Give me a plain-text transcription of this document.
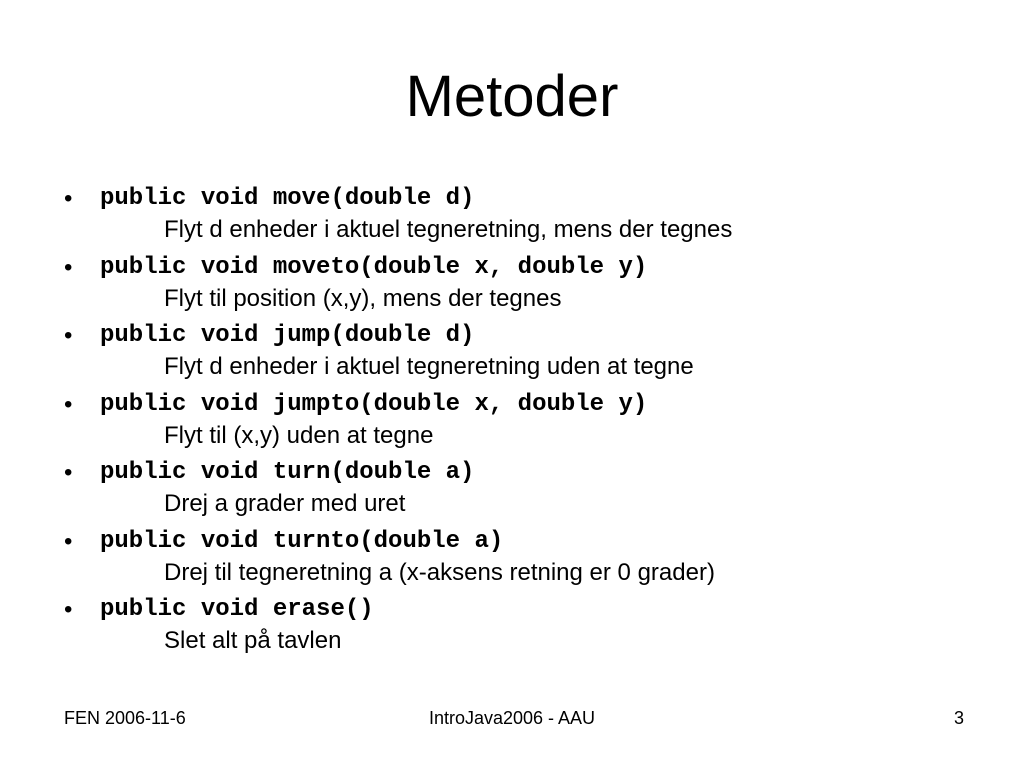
Metoder
• public void move(double d)
Flyt d enheder i aktuel tegneretning, mens der tegnes
• public void moveto(double x, double y)
Flyt til position (x,y), mens der tegnes
• public void jump(double d)
Flyt d enheder i aktuel tegneretning uden at tegne
• public void jumpto(double x, double y)
Flyt til (x,y) uden at tegne
• public void turn(double a)
Drej a grader med uret
• public void turnto(double a)
Drej til tegneretning a (x-aksens retning er 0 grader)
• public void erase()
Slet alt på tavlen
FEN 2006-11-6	IntroJava2006 - AAU	3
